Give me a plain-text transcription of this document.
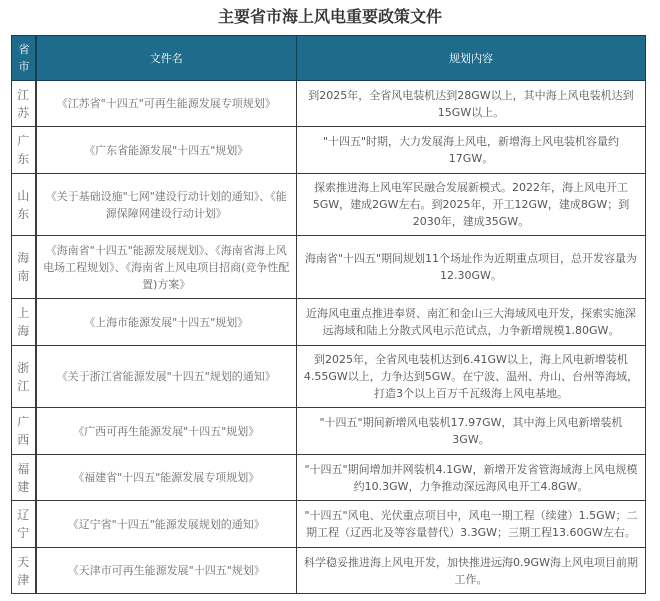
主要省市海上风电重要政策文件
省市	文件名	规划内容
江苏	《江苏省"十四五"可再生能源发展专项规划》	到2025年，全省风电装机达到28GW以上，其中海上风电装机达到15GW以上。
广东	《广东省能源发展"十四五"规划》	"十四五"时期，大力发展海上风电，新增海上风电装机容量约17GW。
山东	《关于基础设施"七网"建设行动计划的通知》、《能源保障网建设行动计划》	探索推进海上风电军民融合发展新模式。2022年，海上风电开工5GW，建成2GW左右。到2025年，开工12GW，建成8GW；到2030年，建成35GW。
海南	《海南省"十四五"能源发展规划》、《海南省海上风电场工程规划》、《海南省上风电项目招商(竞争性配置)方案》	海南省"十四五"期间规划11个场址作为近期重点项目，总开发容量为12.30GW。
上海	《上海市能源发展"十四五"规划》	近海风电重点推进奉贤、南汇和金山三大海域风电开发，探索实施深远海域和陆上分散式风电示范试点，力争新增规模1.80GW。
浙江	《关于浙江省能源发展"十四五"规划的通知》	到2025年，全省风电装机达到6.41GW以上，海上风电新增装机4.55GW以上，力争达到5GW。在宁波、温州、舟山、台州等海域，打造3个以上百万千瓦级海上风电基地。
广西	《广西可再生能源发展"十四五"规划》	"十四五"期间新增风电装机17.97GW，其中海上风电新增装机3GW。
福建	《福建省"十四五"能源发展专项规划》	"十四五"期间增加并网装机4.1GW，新增开发省管海域海上风电规模约10.3GW，力争推动深远海风电开工4.8GW。
辽宁	《辽宁省"十四五"能源发展规划的通知》	"十四五"风电、光伏重点项目中，风电一期工程（续建）1.5GW；二期工程（辽西北及等容量替代）3.3GW；三期工程13.60GW左右。
天津	《天津市可再生能源发展"十四五"规划》	科学稳妥推进海上风电开发，加快推进远海0.9GW海上风电项目前期工作。
